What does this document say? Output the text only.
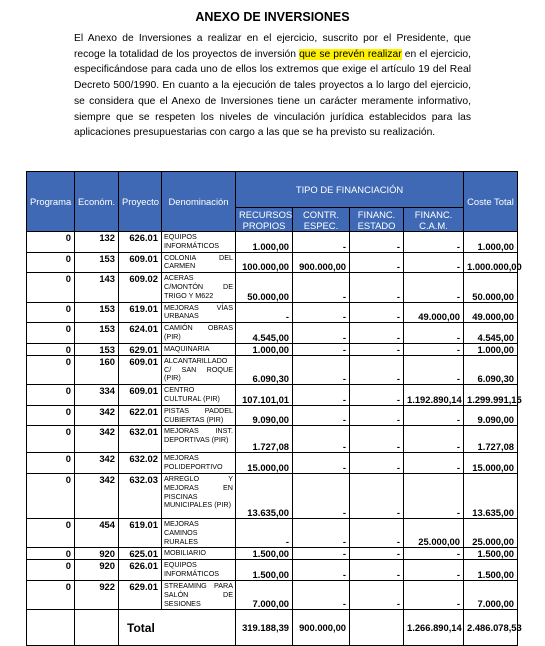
ANEXO DE INVERSIONES

El Anexo de Inversiones a realizar en el ejercicio, suscrito por el Presidente, que recoge la totalidad de los proyectos de inversión que se prevén realizar en el ejercicio, especificándose para cada uno de ellos los extremos que exige el artículo 19 del Real Decreto 500/1990. En cuanto a la ejecución de tales proyectos a lo largo del ejercicio, se considera que el Anexo de Inversiones tiene un carácter meramente informativo, siempre que se respeten los niveles de vinculación jurídica establecidos para las aplicaciones presupuestarias con cargo a las que se ha previsto su realización.

Programa	Económ.	Proyecto	Denominación	TIPO DE FINANCIACIÓN				Coste Total
				RECURSOS PROPIOS	CONTR. ESPEC.	FINANC. ESTADO	FINANC. C.A.M.	
0	132	626.01	EQUIPOS INFORMÁTICOS	1.000,00	-	-	-	1.000,00
0	153	609.01	COLONIA DEL CARMEN	100.000,00	900.000,00	-	-	1.000.000,00
0	143	609.02	ACERAS C/MONTÓN DE TRIGO Y M622	50.000,00	-	-	-	50.000,00
0	153	619.01	MEJORAS VÍAS URBANAS	-	-	-	49.000,00	49.000,00
0	153	624.01	CAMIÓN OBRAS (PIR)	4.545,00	-	-	-	4.545,00
0	153	629.01	MAQUINARIA	1.000,00	-	-	-	1.000,00
0	160	609.01	ALCANTARILLADO C/ SAN ROQUE (PIR)	6.090,30	-	-	-	6.090,30
0	334	609.01	CENTRO CULTURAL (PIR)	107.101,01	-	-	1.192.890,14	1.299.991,15
0	342	622.01	PISTAS PADDEL CUBIERTAS (PIR)	9.090,00	-	-	-	9.090,00
0	342	632.01	MEJORAS INST. DEPORTIVAS (PIR)	1.727,08	-	-	-	1.727,08
0	342	632.02	MEJORAS POLIDEPORTIVO	15.000,00	-	-	-	15.000,00
0	342	632.03	ARREGLO Y MEJORAS EN PISCINAS MUNICIPALES (PIR)	13.635,00	-	-	-	13.635,00
0	454	619.01	MEJORAS CAMINOS RURALES	-	-	-	25.000,00	25.000,00
0	920	625.01	MOBILIARIO	1.500,00	-	-	-	1.500,00
0	920	626.01	EQUIPOS INFORMÁTICOS	1.500,00	-	-	-	1.500,00
0	922	629.01	STREAMING PARA SALÓN DE SESIONES	7.000,00	-	-	-	7.000,00
		Total		319.188,39	900.000,00		1.266.890,14	2.486.078,53
